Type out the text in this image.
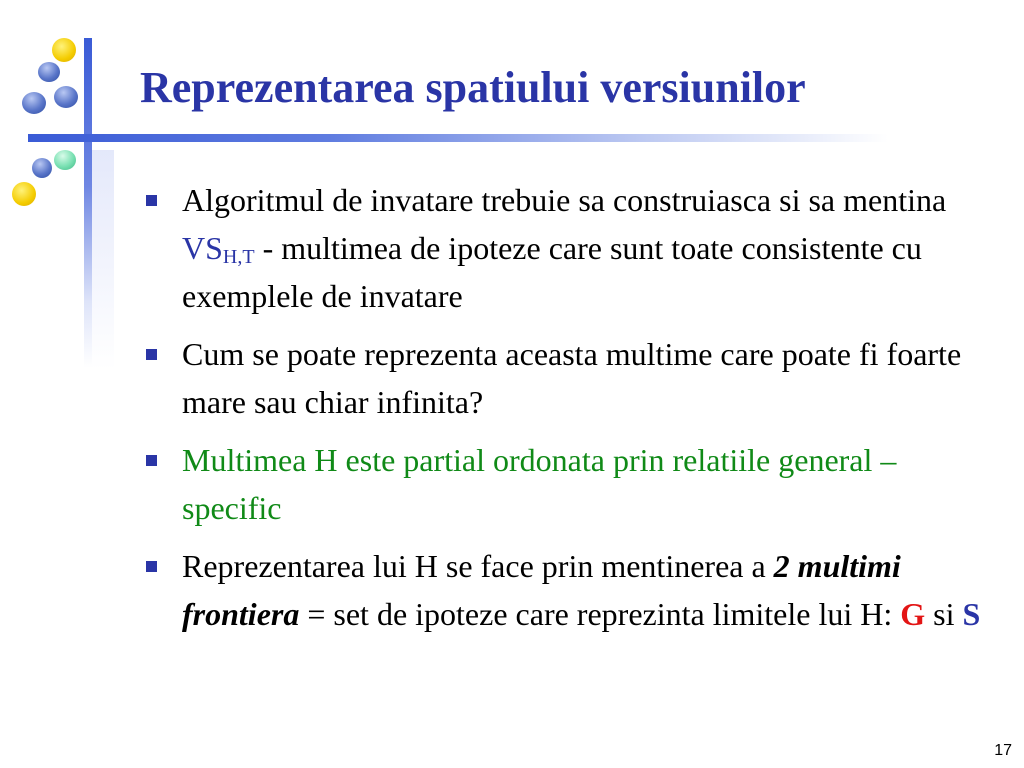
Reprezentarea spatiului versiunilor
Algoritmul de invatare trebuie sa construiasca si sa mentina $VS_{H,T}$ - multimea de ipoteze care sunt toate consistente cu exemplele de invatare
Cum se poate reprezenta aceasta multime care poate fi foarte mare sau chiar infinita?
Multimea H este partial ordonata prin relatiile general – specific
Reprezentarea lui H se face prin mentinerea a 2 multimi frontiera = set de ipoteze care reprezinta limitele lui H: G si S
17
